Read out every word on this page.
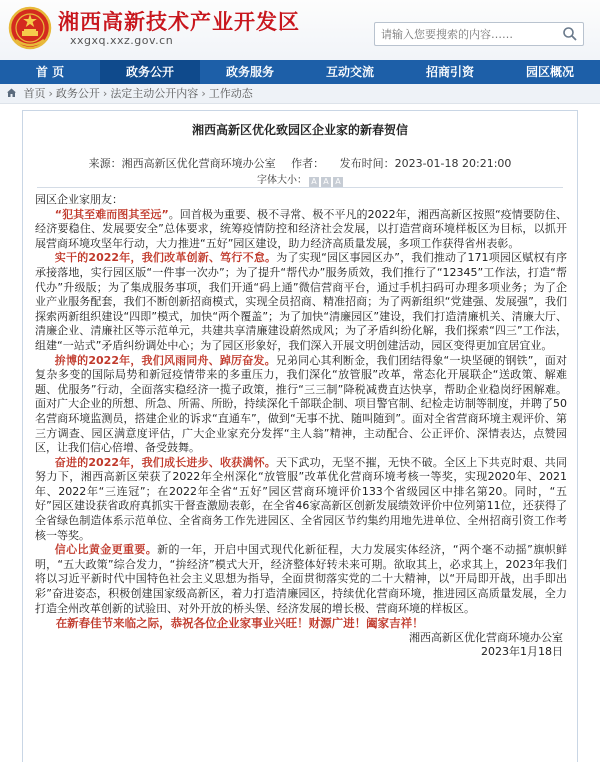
湘西高新技术产业开发区
xxgxq.xxz.gov.cn
请输入您要搜索的内容……
首 页	政务公开	政务服务	互动交流	招商引资	园区概况
首页 › 政务公开 › 法定主动公开内容 › 工作动态
湘西高新区优化致园区企业家的新春贺信
来源：湘西高新区优化营商环境办公室 作者： 发布时间：2023-01-18 20:21:00
字体大小： A A A

园区企业家朋友：

“犯其至难而图其至远”。回首极为重要、极不寻常、极不平凡的2022年，湘西高新区按照“疫情要防住、经济要稳住、发展要安全”总体要求，统筹疫情防控和经济社会发展，以打造营商环境样板区为目标，以抓开展营商环境攻坚年行动，大力推进“五好”园区建设，助力经济高质量发展，多项工作获得省州表彰。

实干的2022年，我们改革创新、笃行不怠。为了实现“园区事园区办”，我们推动了171项园区赋权有序承接落地，实行园区版“一件事一次办”；为了提升“帮代办”服务质效，我们推行了“12345”工作法，打造“帮代办”升级版；为了集成服务事项，我们开通“码上通”微信营商平台，通过手机扫码可办理多项业务；为了企业产业服务配套，我们不断创新招商模式，实现全员招商、精准招商；为了两新组织“党建强、发展强”，我们探索两新组织建设“四即”模式，加快“两个覆盖”；为了加快“清廉园区”建设，我们打造清廉机关、清廉大厅、清廉企业、清廉社区等示范单元，共建共享清廉建设蔚然成风；为了矛盾纠纷化解，我们探索“四三”工作法，组建“一站式”矛盾纠纷调处中心；为了园区形象好，我们深入开展文明创建活动，园区变得更加宜居宜业。

拚博的2022年，我们风雨同舟、踔厉奋发。兄弟同心其利断金，我们团结得象“一块坚硬的钢铁”，面对复杂多变的国际局势和新冠疫情带来的多重压力，我们深化“放管服”改革，常态化开展联企“送政策、解难题、优服务”行动，全面落实稳经济一揽子政策，推行“三三制”降税减费直达快享，帮助企业稳岗纾困解难。面对广大企业的所想、所急、所需、所盼，持续深化千部联企制、项目警官制、纪检走访制等制度，并聘了50名营商环境监测员，搭建企业的诉求“直通车”，做到“无事不扰、随叫随到”。面对全省营商环境主观评价、第三方调查、园区满意度评估，广大企业家充分发挥“主人翁”精神，主动配合、公正评价、深情表达，点赞园区，让我们信心倍增、备受鼓舞。

奋进的2022年，我们成长进步、收获满怀。天下武功，无坚不摧，无快不破。全区上下共克时艰、共同努力下，湘西高新区荣获了2022年全州深化“放管服”改革优化营商环境考核一等奖，实现2020年、2021年、2022年“三连冠”；在2022年全省“五好”园区营商环境评价133个省级园区中排名第20。同时，“五好”园区建设获省政府真抓实干督查激励表彰，在全省46家高新区创新发展绩效评价中位列第11位，还获得了全省绿色制造体系示范单位、全省商务工作先进园区、全省园区节约集约用地先进单位、全州招商引资工作考核一等奖。

信心比黄金更重要。新的一年，开启中国式现代化新征程，大力发展实体经济，“两个毫不动摇”旗帜鲜明，“五大政策”综合发力，“拚经济”模式大开，经济整体好转未来可期。欲取其上，必求其上，2023年我们将以习近平新时代中国特色社会主义思想为指导，全面贯彻落实党的二十大精神，以“开局即开战，出手即出彩”奋进姿态，积极创建国家级高新区，着力打造清廉园区，持续优化营商环境，推进园区高质量发展，全力打造全州改革创新的试验田、对外开放的桥头堡、经济发展的增长极、营商环境的样板区。

在新春佳节来临之际，恭祝各位企业家事业兴旺！财源广进！阖家吉祥！

湘西高新区优化营商环境办公室

2023年1月18日
